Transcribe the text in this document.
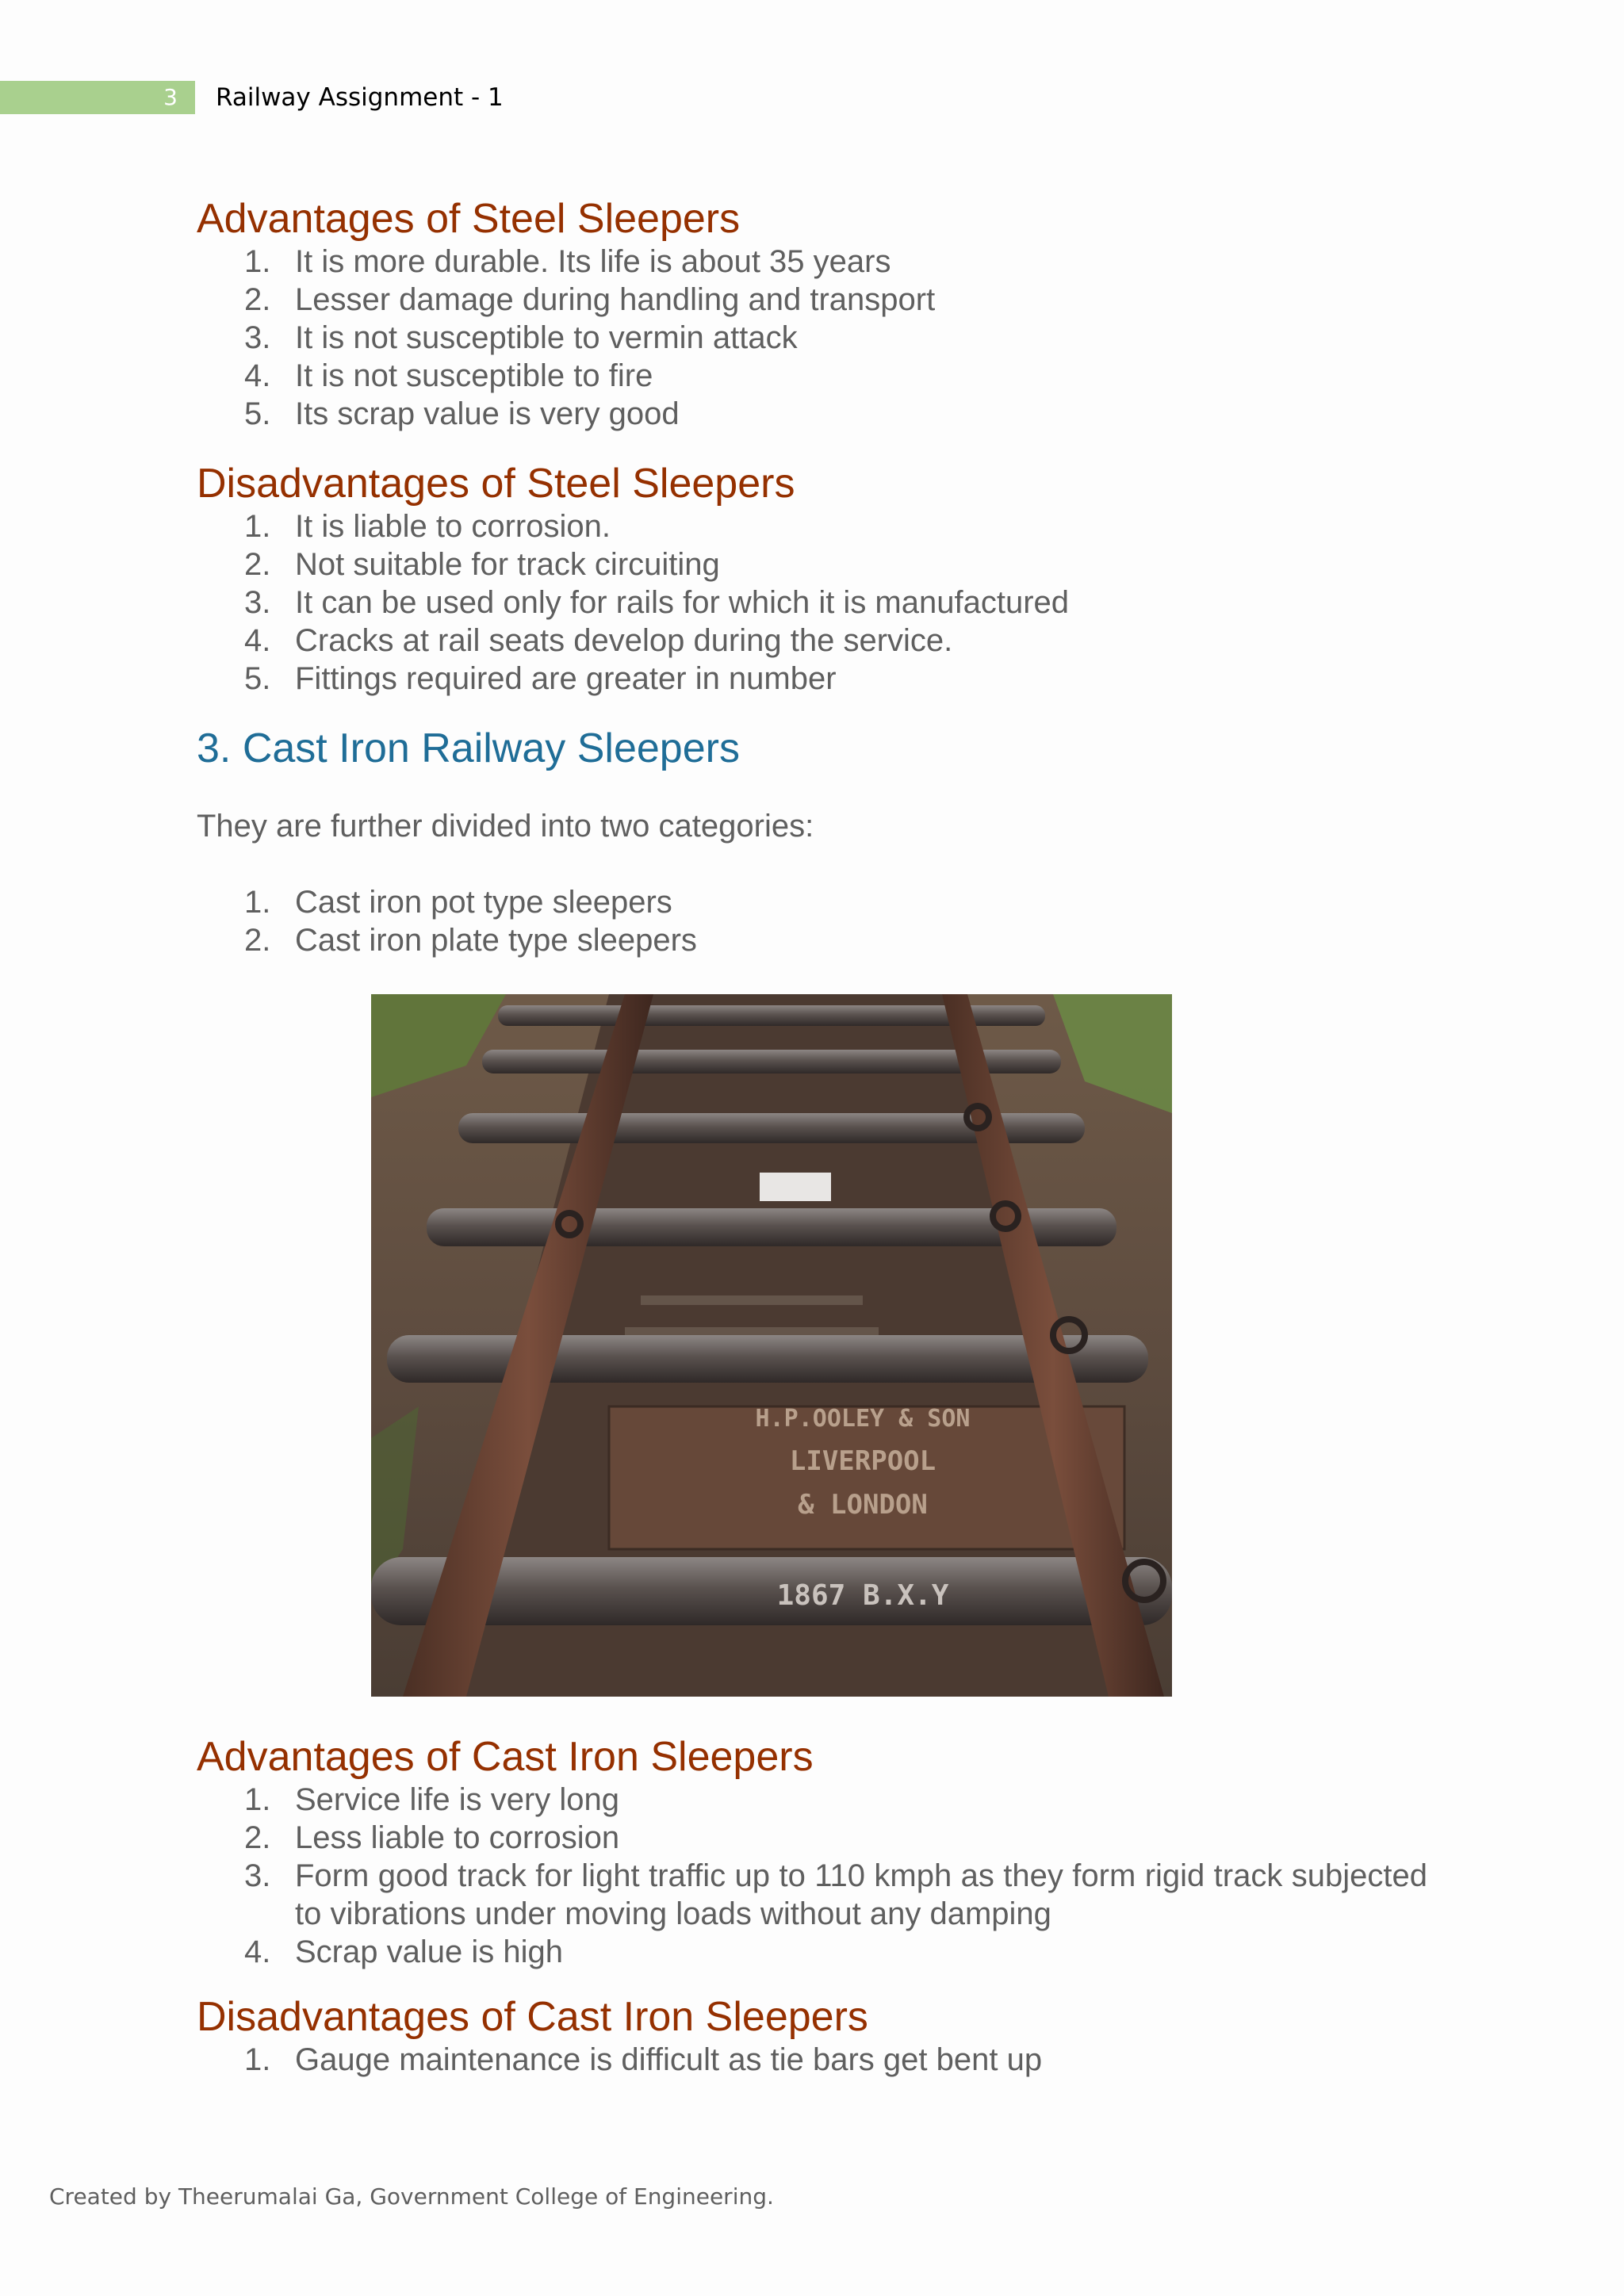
3	Railway Assignment - 1
Advantages of Steel Sleepers
1. It is more durable. Its life is about 35 years
2. Lesser damage during handling and transport
3. It is not susceptible to vermin attack
4. It is not susceptible to fire
5. Its scrap value is very good
Disadvantages of Steel Sleepers
1. It is liable to corrosion.
2. Not suitable for track circuiting
3. It can be used only for rails for which it is manufactured
4. Cracks at rail seats develop during the service.
5. Fittings required are greater in number
3. Cast Iron Railway Sleepers

They are further divided into two categories:

1. Cast iron pot type sleepers
2. Cast iron plate type sleepers
Advantages of Cast Iron Sleepers
1. Service life is very long
2. Less liable to corrosion
3. Form good track for light traffic up to 110 kmph as they form rigid track subjected to vibrations under moving loads without any damping
4. Scrap value is high
Disadvantages of Cast Iron Sleepers
1. Gauge maintenance is difficult as tie bars get bent up
H.P.OOLEY & SON
LIVERPOOL
& LONDON
1867 B.X.Y
Created by Theerumalai Ga, Government College of Engineering.
